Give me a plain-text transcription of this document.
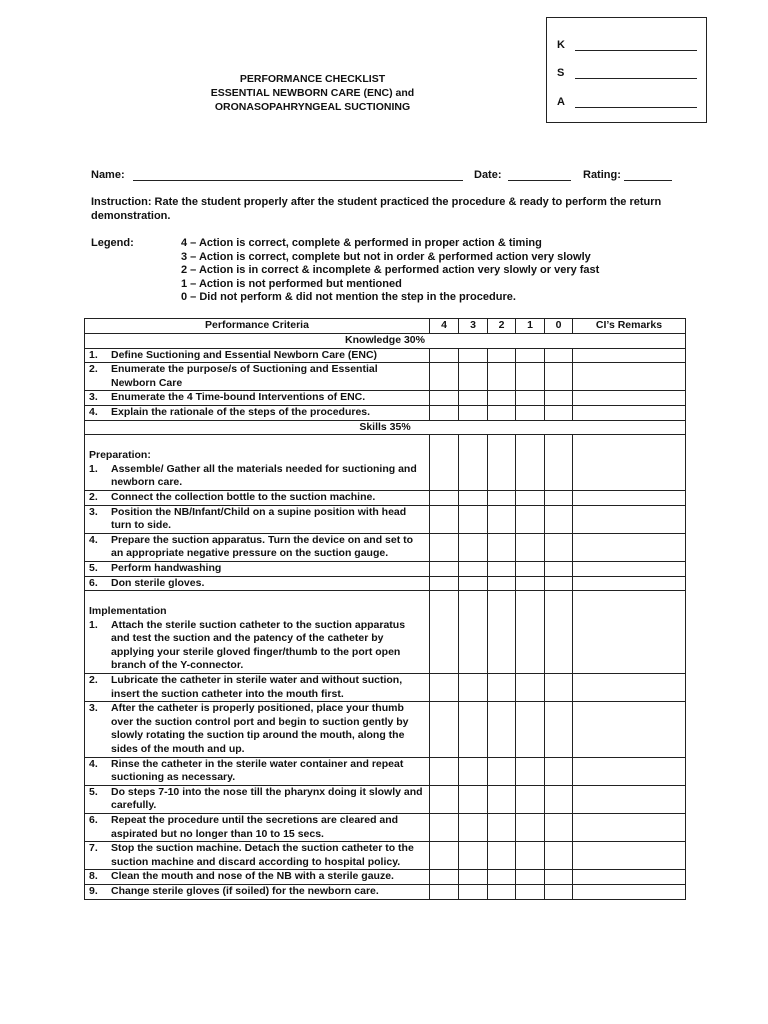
K
S
A
PERFORMANCE CHECKLIST
ESSENTIAL NEWBORN CARE (ENC) and
ORONASOPAHRYNGEAL SUCTIONING
Name:	Date:	Rating:
Instruction: Rate the student properly after the student practiced the procedure & ready to perform the return demonstration.
Legend:	4 – Action is correct, complete & performed in proper action & timing
3 – Action is correct, complete but not in order & performed action very slowly
2 – Action is in correct & incomplete & performed action very slowly or very fast
1 – Action is not performed but mentioned
0 – Did not perform & did not mention the step in the procedure.
Performance Criteria	4	3	2	1	0	CI’s Remarks
Knowledge 30%						

1. Define Suctioning and Essential Newborn Care (ENC)						

2. Enumerate the purpose/s of Suctioning and Essential Newborn Care						

3. Enumerate the 4 Time-bound Interventions of ENC.						

4. Explain the rationale of the steps of the procedures.						

Skills 35%						

Preparation:
1. Assemble/ Gather all the materials needed for suctioning and newborn care.						

2. Connect the collection bottle to the suction machine.						

3. Position the NB/Infant/Child on a supine position with head turn to side.						

4. Prepare the suction apparatus. Turn the device on and set to an appropriate negative pressure on the suction gauge.						

5. Perform handwashing						

6. Don sterile gloves.						

Implementation
1. Attach the sterile suction catheter to the suction apparatus and test the suction and the patency of the catheter by applying your sterile gloved finger/thumb to the port open branch of the Y-connector.						

2. Lubricate the catheter in sterile water and without suction, insert the suction catheter into the mouth first.						

3. After the catheter is properly positioned, place your thumb over the suction control port and begin to suction gently by slowly rotating the suction tip around the mouth, along the sides of the mouth and up.						

4. Rinse the catheter in the sterile water container and repeat suctioning as necessary.						

5. Do steps 7-10 into the nose till the pharynx doing it slowly and carefully.						

6. Repeat the procedure until the secretions are cleared and aspirated but no longer than 10 to 15 secs.						

7. Stop the suction machine. Detach the suction catheter to the suction machine and discard according to hospital policy.						

8. Clean the mouth and nose of the NB with a sterile gauze.						

9. Change sterile gloves (if soiled) for the newborn care.						
